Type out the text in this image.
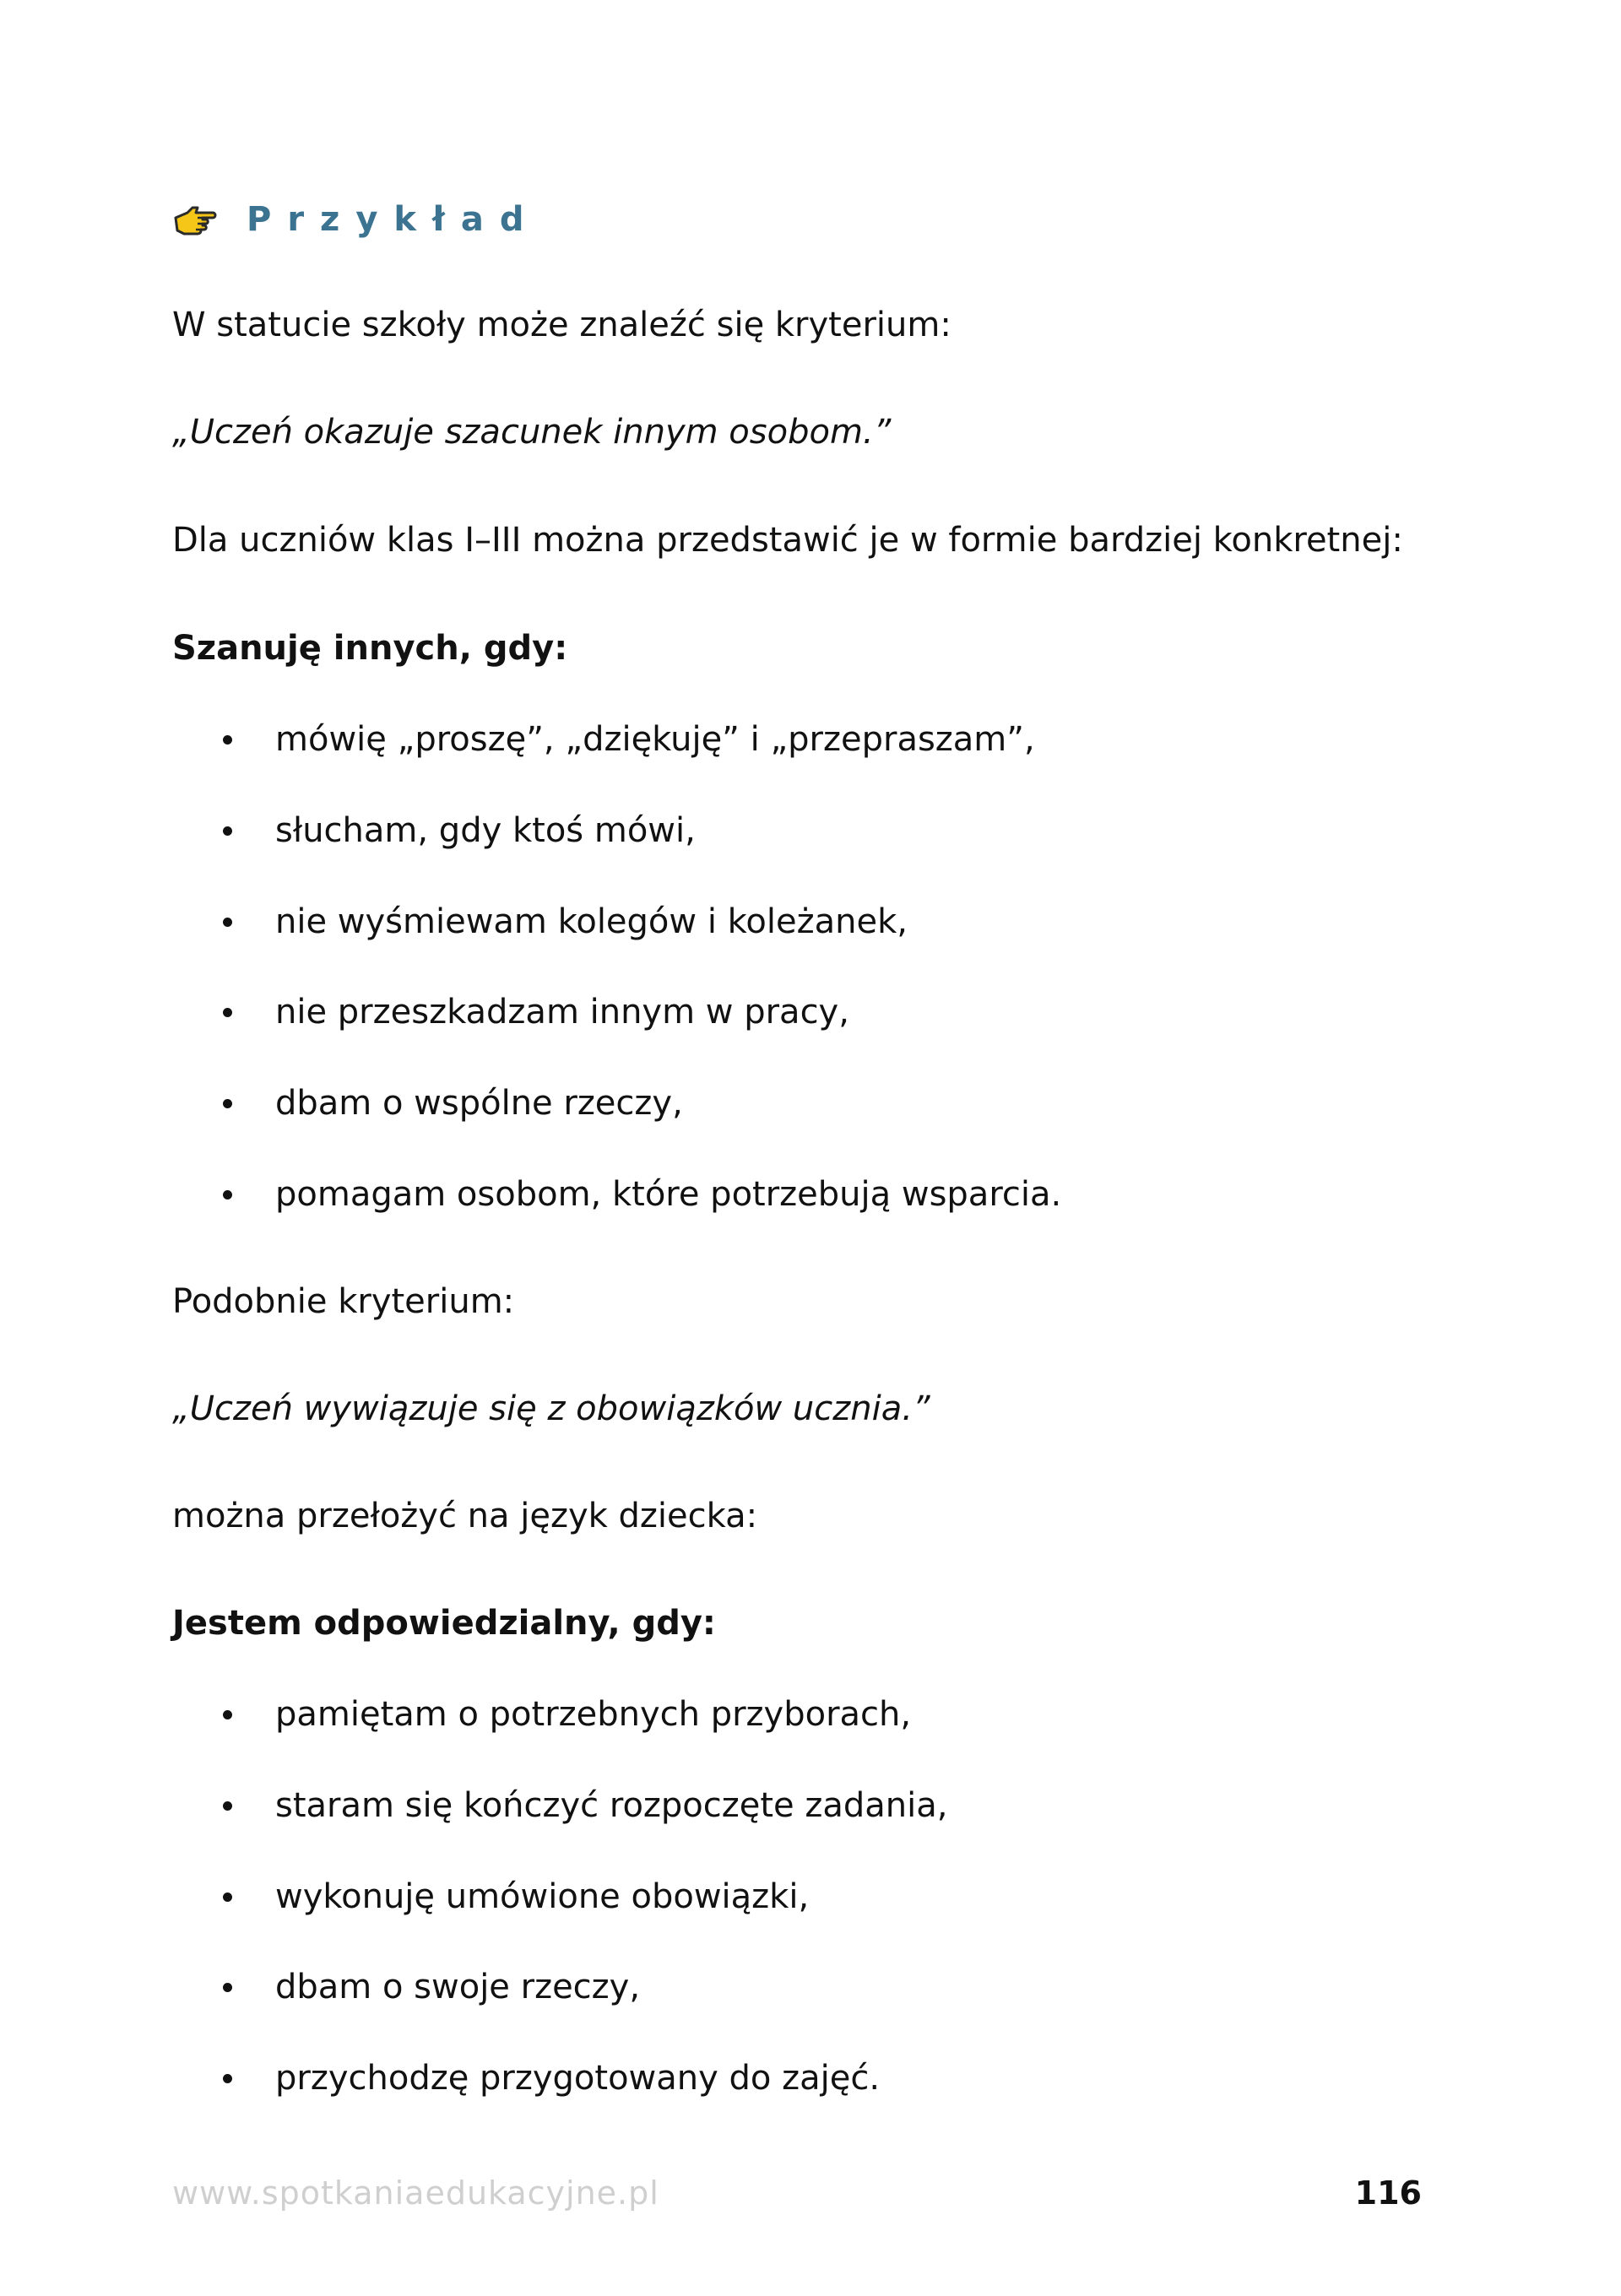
Przykład
W statucie szkoły może znaleźć się kryterium:
„Uczeń okazuje szacunek innym osobom.”
Dla uczniów klas I–III można przedstawić je w formie bardziej konkretnej:
Szanuję innych, gdy:
mówię „proszę”, „dziękuję” i „przepraszam”,
słucham, gdy ktoś mówi,
nie wyśmiewam kolegów i koleżanek,
nie przeszkadzam innym w pracy,
dbam o wspólne rzeczy,
pomagam osobom, które potrzebują wsparcia.
Podobnie kryterium:
„Uczeń wywiązuje się z obowiązków ucznia.”
można przełożyć na język dziecka:
Jestem odpowiedzialny, gdy:
pamiętam o potrzebnych przyborach,
staram się kończyć rozpoczęte zadania,
wykonuję umówione obowiązki,
dbam o swoje rzeczy,
przychodzę przygotowany do zajęć.
www.spotkaniaedukacyjne.pl	116
